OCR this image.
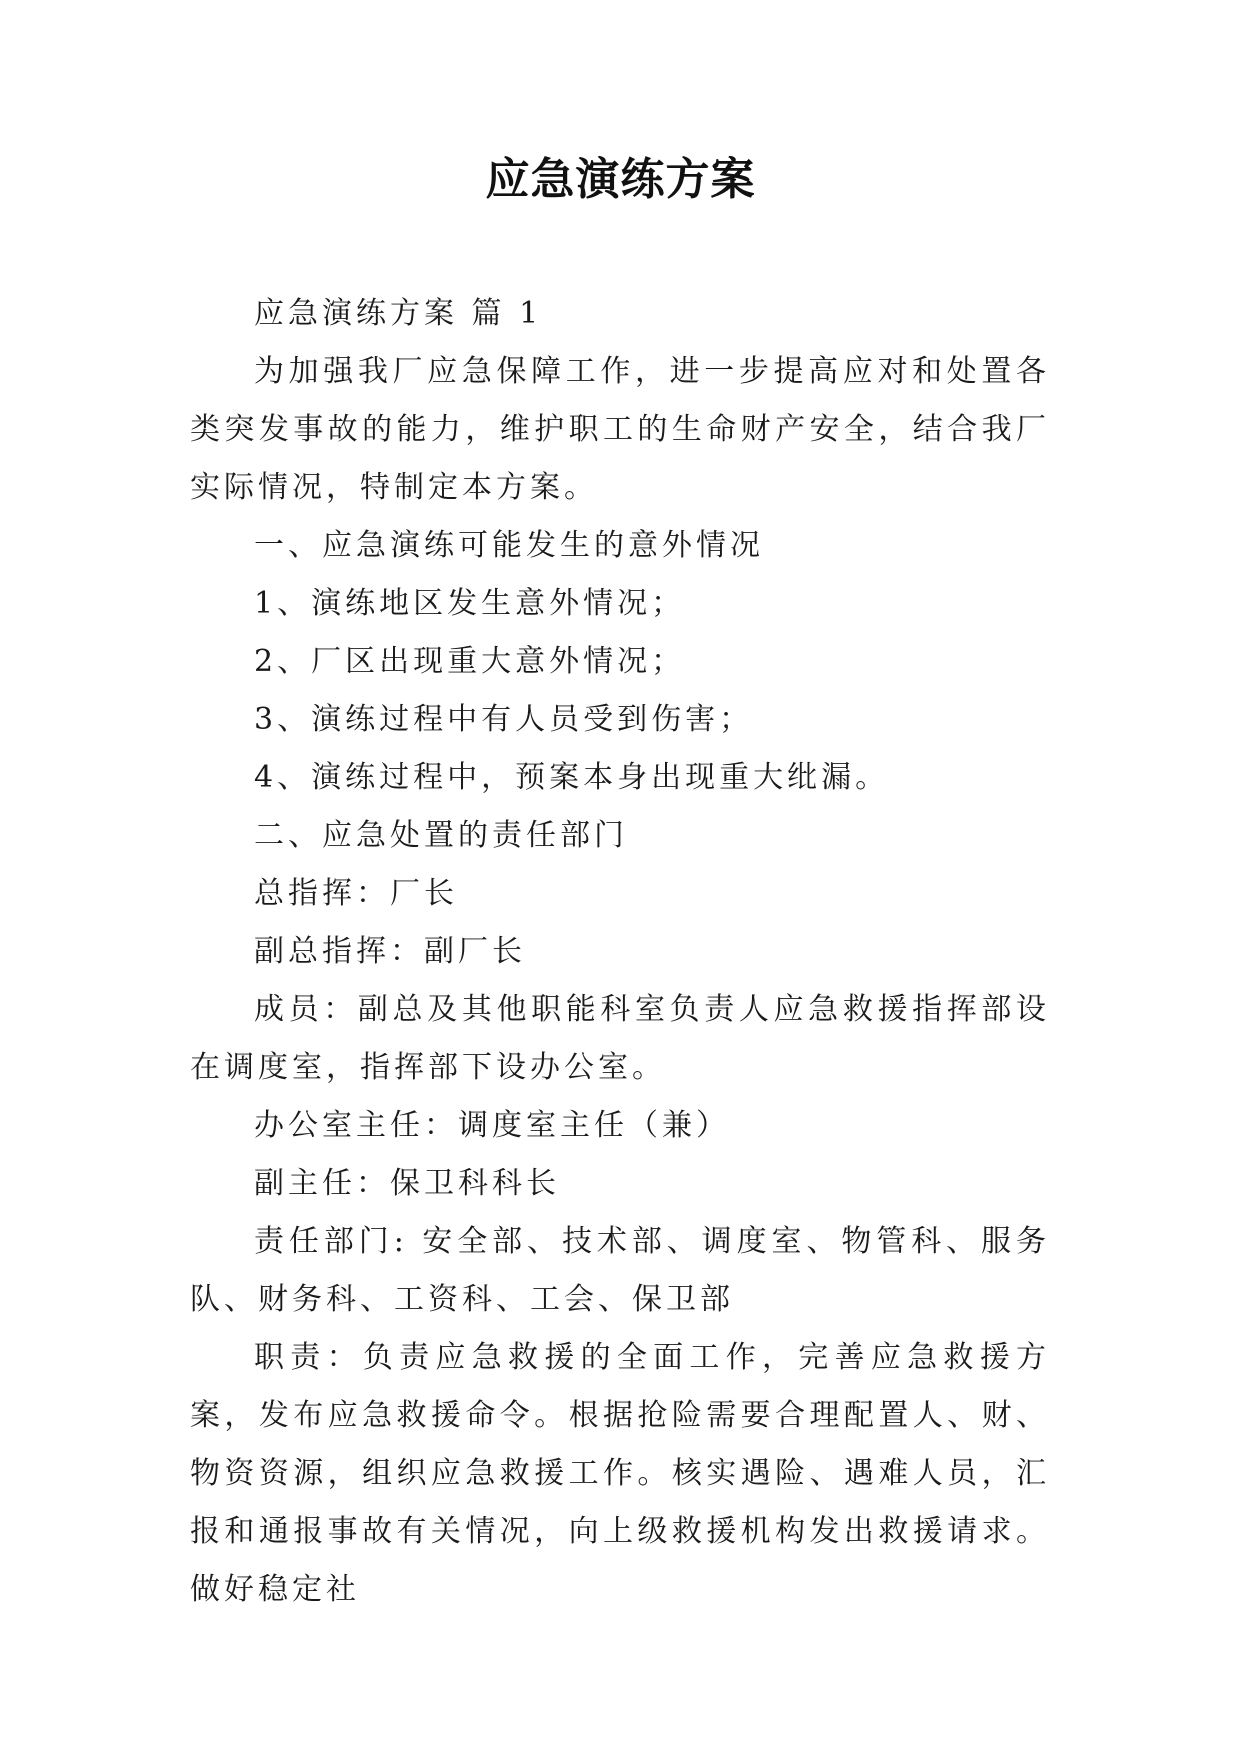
应急演练方案

应急演练方案 篇 1

为加强我厂应急保障工作，进一步提高应对和处置各类突发事故的能力，维护职工的生命财产安全，结合我厂实际情况，特制定本方案。

一、应急演练可能发生的意外情况

1、演练地区发生意外情况；

2、厂区出现重大意外情况；

3、演练过程中有人员受到伤害；

4、演练过程中，预案本身出现重大纰漏。

二、应急处置的责任部门

总指挥：厂长

副总指挥：副厂长

成员：副总及其他职能科室负责人应急救援指挥部设在调度室，指挥部下设办公室。

办公室主任：调度室主任（兼）

副主任：保卫科科长

责任部门: 安全部、技术部、调度室、物管科、服务队、财务科、工资科、工会、保卫部

职责：负责应急救援的全面工作，完善应急救援方案，发布应急救援命令。根据抢险需要合理配置人、财、物资资源，组织应急救援工作。核实遇险、遇难人员，汇报和通报事故有关情况，向上级救援机构发出救援请求。做好稳定社
